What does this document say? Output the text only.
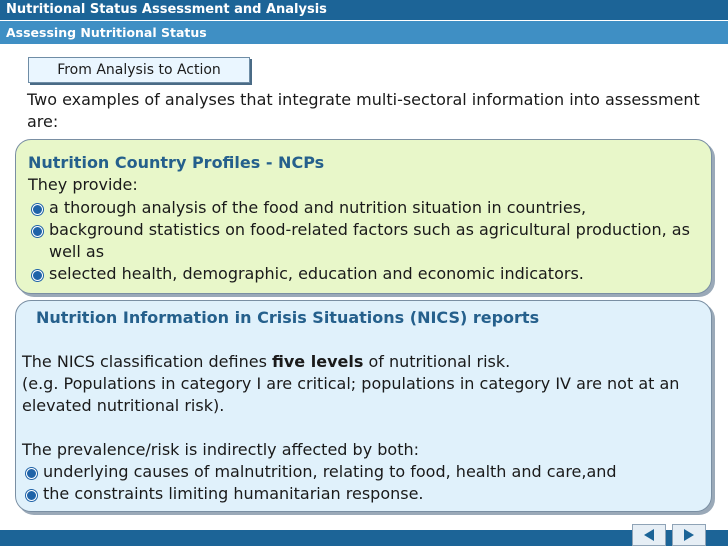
Nutritional Status Assessment and Analysis
Assessing Nutritional Status
From Analysis to Action
Two examples of analyses that integrate multi-sectoral information into assessment are:
Nutrition Country Profiles - NCPs
They provide:
a thorough analysis of the food and nutrition situation in countries,
background statistics on food-related factors such as agricultural production, as well as
selected health, demographic, education and economic indicators.
Nutrition Information in Crisis Situations (NICS) reports
The NICS classification defines five levels of nutritional risk.
(e.g. Populations in category I are critical; populations in category IV are not at an elevated nutritional risk).
The prevalence/risk is indirectly affected by both:
underlying causes of malnutrition, relating to food, health and care,and
the constraints limiting humanitarian response.
